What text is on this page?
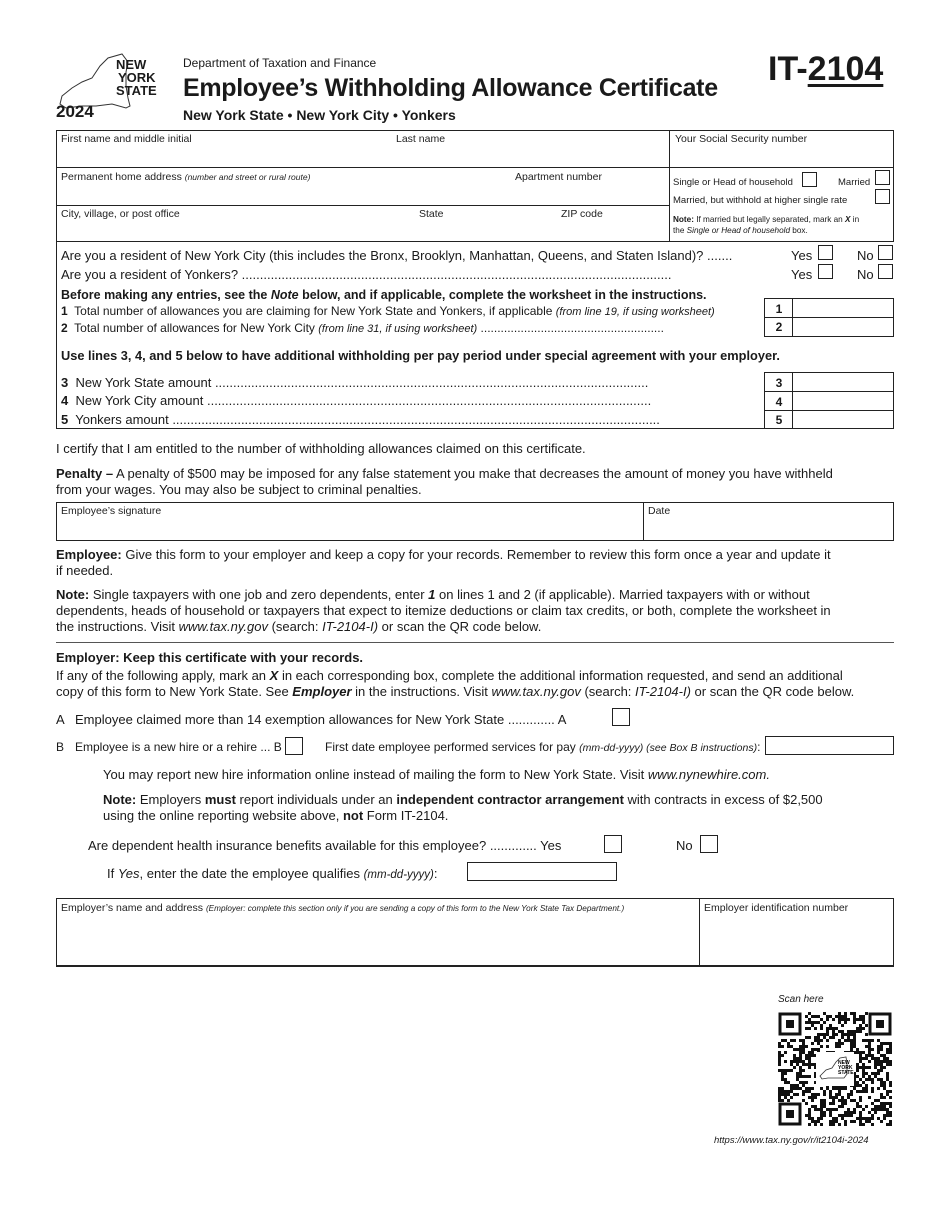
NEW
YORK
STATE
2024
Department of Taxation and Finance
Employee’s Withholding Allowance Certificate
New York State • New York City • Yonkers
IT-2104
First name and middle initial	Last name	Your Social Security number
Permanent home address (number and street or rural route)	Apartment number
City, village, or post office	State	ZIP code
Single or Head of household	Married
Married, but withhold at higher single rate
Note: If married but legally separated, mark an X in
the Single or Head of household box.
Are you a resident of New York City (this includes the Bronx, Brooklyn, Manhattan, Queens, and Staten Island)? .......	Yes	No
Are you a resident of Yonkers? .......................................................................................................................	Yes	No
Before making any entries, see the Note below, and if applicable, complete the worksheet in the instructions.
1 Total number of allowances you are claiming for New York State and Yonkers, if applicable (from line 19, if using worksheet)
2 Total number of allowances for New York City (from line 31, if using worksheet) .......................................................
1
2
Use lines 3, 4, and 5 below to have additional withholding per pay period under special agreement with your employer.
3 New York State amount ........................................................................................................................
4 New York City amount ...........................................................................................................................
5 Yonkers amount .......................................................................................................................................
3
4
5
I certify that I am entitled to the number of withholding allowances claimed on this certificate.
Penalty – A penalty of $500 may be imposed for any false statement you make that decreases the amount of money you have withheld
from your wages. You may also be subject to criminal penalties.
Employee’s signature	Date
Employee: Give this form to your employer and keep a copy for your records. Remember to review this form once a year and update it
if needed.
Note: Single taxpayers with one job and zero dependents, enter 1 on lines 1 and 2 (if applicable). Married taxpayers with or without
dependents, heads of household or taxpayers that expect to itemize deductions or claim tax credits, or both, complete the worksheet in
the instructions. Visit www.tax.ny.gov (search: IT-2104-I) or scan the QR code below.
Employer: Keep this certificate with your records.
If any of the following apply, mark an X in each corresponding box, complete the additional information requested, and send an additional
copy of this form to New York State. See Employer in the instructions. Visit www.tax.ny.gov (search: IT-2104-I) or scan the QR code below.
A Employee claimed more than 14 exemption allowances for New York State ............. A
B Employee is a new hire or a rehire ... B	First date employee performed services for pay (mm-dd-yyyy) (see Box B instructions):
You may report new hire information online instead of mailing the form to New York State. Visit www.nynewhire.com.
Note: Employers must report individuals under an independent contractor arrangement with contracts in excess of $2,500
using the online reporting website above, not Form IT-2104.
Are dependent health insurance benefits available for this employee? ............. Yes	No
If Yes, enter the date the employee qualifies (mm-dd-yyyy):
Employer’s name and address (Employer: complete this section only if you are sending a copy of this form to the New York State Tax Department.)	Employer identification number
Scan here
NEW
YORK
STATE
https://www.tax.ny.gov/r/it2104i-2024
